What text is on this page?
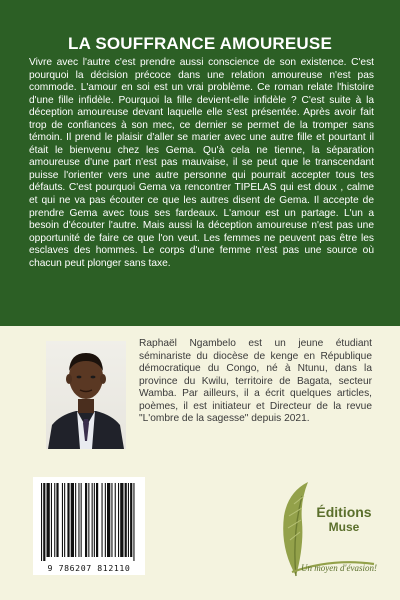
LA SOUFFRANCE AMOUREUSE

Vivre avec l'autre c'est prendre aussi conscience de son existence. C'est pourquoi la décision précoce dans une relation amoureuse n'est pas commode. L'amour en soi est un vrai problème. Ce roman relate l'histoire d'une fille infidèle. Pourquoi la fille devient-elle infidèle ? C'est suite à la déception amoureuse devant laquelle elle s'est présentée. Après avoir fait trop de confiances à son mec, ce dernier se permet de la tromper sans témoin. Il prend le plaisir d'aller se marier avec une autre fille et pourtant il était le bienvenu chez les Gema. Qu'à cela ne tienne, la séparation amoureuse d'une part n'est pas mauvaise, il se peut que le transcendant puisse l'orienter vers une autre personne qui pourrait accepter tous tes défauts. C'est pourquoi Gema va rencontrer TIPELAS qui est doux , calme et qui ne va pas écouter ce que les autres disent de Gema. Il accepte de prendre Gema avec tous ses fardeaux. L'amour est un partage. L'un a besoin d'écouter l'autre. Mais aussi la déception amoureuse n'est pas une opportunité de faire ce que l'on veut. Les femmes ne peuvent pas être les esclaves des hommes. Le corps d'une femme n'est pas une source où chacun peut plonger sans taxe.

Raphaël Ngambelo est un jeune étudiant séminariste du diocèse de kenge en République démocratique du Congo, né à Ntunu, dans la province du Kwilu, territoire de Bagata, secteur Wamba. Par ailleurs, il a écrit quelques articles, poèmes, il est initiateur et Directeur de la revue "L'ombre de la sagesse" depuis 2021.

9 786207 812110
Éditions
Muse
Un moyen d'évasion!
